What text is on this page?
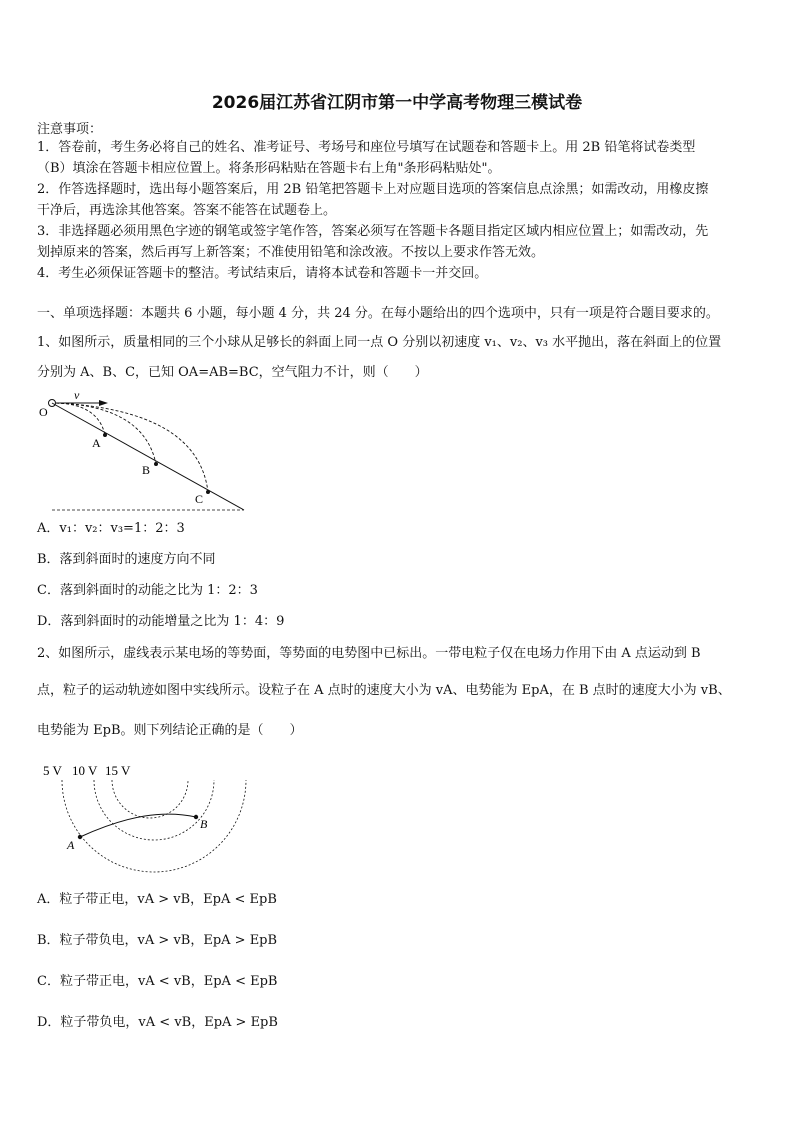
2026届江苏省江阴市第一中学高考物理三模试卷
注意事项：
1．答卷前，考生务必将自己的姓名、准考证号、考场号和座位号填写在试题卷和答题卡上。用 2B 铅笔将试卷类型
（B）填涂在答题卡相应位置上。将条形码粘贴在答题卡右上角"条形码粘贴处"。
2．作答选择题时，选出每小题答案后，用 2B 铅笔把答题卡上对应题目选项的答案信息点涂黑；如需改动，用橡皮擦
干净后，再选涂其他答案。答案不能答在试题卷上。
3．非选择题必须用黑色字迹的钢笔或签字笔作答，答案必须写在答题卡各题目指定区域内相应位置上；如需改动，先
划掉原来的答案，然后再写上新答案；不准使用铅笔和涂改液。不按以上要求作答无效。
4．考生必须保证答题卡的整洁。考试结束后，请将本试卷和答题卡一并交回。
一、单项选择题：本题共 6 小题，每小题 4 分，共 24 分。在每小题给出的四个选项中，只有一项是符合题目要求的。
1、如图所示，质量相同的三个小球从足够长的斜面上同一点 O 分别以初速度 v₁、v₂、v₃ 水平抛出，落在斜面上的位置
分别为 A、B、C，已知 OA=AB=BC，空气阻力不计，则（　　）
O
v
A
B
C
A．v₁：v₂：v₃=1：2：3
B．落到斜面时的速度方向不同
C．落到斜面时的动能之比为 1：2：3
D．落到斜面时的动能增量之比为 1：4：9
2、如图所示，虚线表示某电场的等势面，等势面的电势图中已标出。一带电粒子仅在电场力作用下由 A 点运动到 B
点，粒子的运动轨迹如图中实线所示。设粒子在 A 点时的速度大小为 vA、电势能为 EpA，在 B 点时的速度大小为 vB、
电势能为 EpB。则下列结论正确的是（　　）
5 V 10 V 15 V
A
B
A．粒子带正电，vA > vB，EpA < EpB
B．粒子带负电，vA > vB，EpA > EpB
C．粒子带正电，vA < vB，EpA < EpB
D．粒子带负电，vA < vB，EpA > EpB
